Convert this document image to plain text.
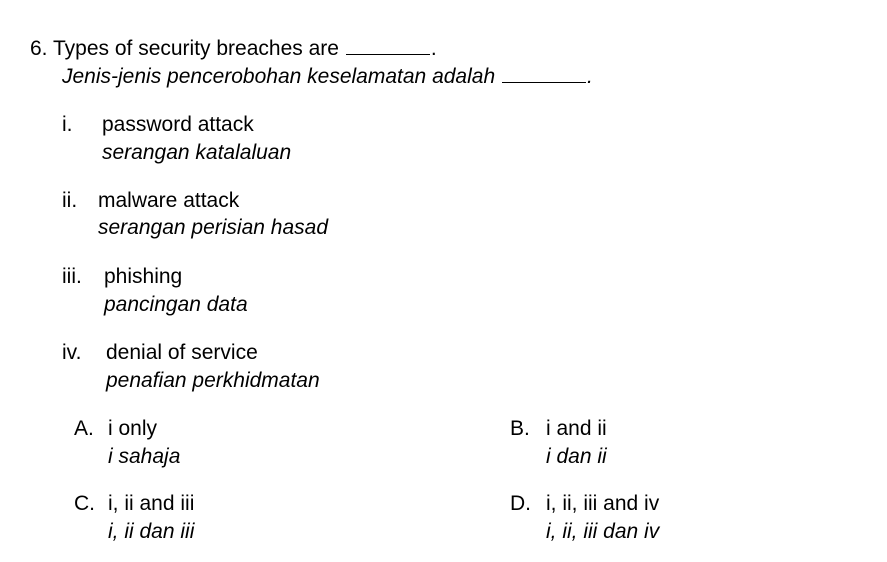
6. Types of security breaches are	.
Jenis-jenis pencerobohan keselamatan adalah	.
i. password attack
serangan katalaluan
ii. malware attack
serangan perisian hasad
iii. phishing
pancingan data
iv. denial of service
penafian perkhidmatan
A. i only
i sahaja
B. i and ii
i dan ii
C. i, ii and iii
i, ii dan iii
D. i, ii, iii and iv
i, ii, iii dan iv
